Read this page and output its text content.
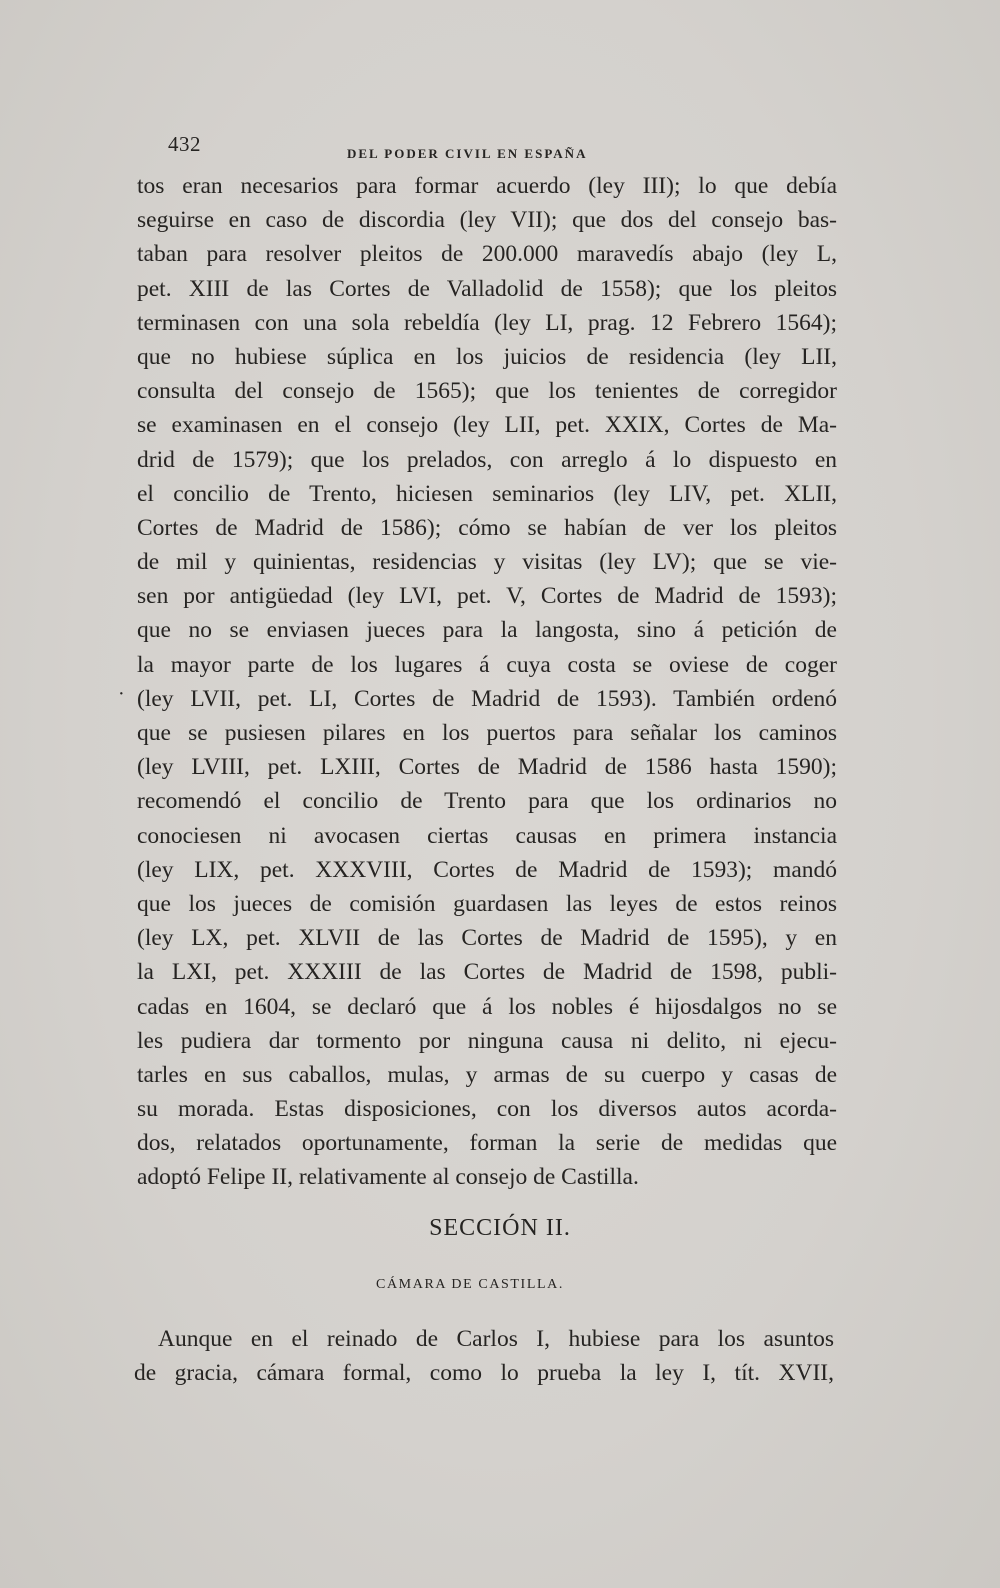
432	DEL PODER CIVIL EN ESPAÑA
·
tos eran necesarios para formar acuerdo (ley III); lo que debía
seguirse en caso de discordia (ley VII); que dos del consejo bas-
taban para resolver pleitos de 200.000 maravedís abajo (ley L,
pet. XIII de las Cortes de Valladolid de 1558); que los pleitos
terminasen con una sola rebeldía (ley LI, prag. 12 Febrero 1564);
que no hubiese súplica en los juicios de residencia (ley LII,
consulta del consejo de 1565); que los tenientes de corregidor
se examinasen en el consejo (ley LII, pet. XXIX, Cortes de Ma-
drid de 1579); que los prelados, con arreglo á lo dispuesto en
el concilio de Trento, hiciesen seminarios (ley LIV, pet. XLII,
Cortes de Madrid de 1586); cómo se habían de ver los pleitos
de mil y quinientas, residencias y visitas (ley LV); que se vie-
sen por antigüedad (ley LVI, pet. V, Cortes de Madrid de 1593);
que no se enviasen jueces para la langosta, sino á petición de
la mayor parte de los lugares á cuya costa se oviese de coger
(ley LVII, pet. LI, Cortes de Madrid de 1593). También ordenó
que se pusiesen pilares en los puertos para señalar los caminos
(ley LVIII, pet. LXIII, Cortes de Madrid de 1586 hasta 1590);
recomendó el concilio de Trento para que los ordinarios no
conociesen ni avocasen ciertas causas en primera instancia
(ley LIX, pet. XXXVIII, Cortes de Madrid de 1593); mandó
que los jueces de comisión guardasen las leyes de estos reinos
(ley LX, pet. XLVII de las Cortes de Madrid de 1595), y en
la LXI, pet. XXXIII de las Cortes de Madrid de 1598, publi-
cadas en 1604, se declaró que á los nobles é hijosdalgos no se
les pudiera dar tormento por ninguna causa ni delito, ni ejecu-
tarles en sus caballos, mulas, y armas de su cuerpo y casas de
su morada. Estas disposiciones, con los diversos autos acorda-
dos, relatados oportunamente, forman la serie de medidas que
adoptó Felipe II, relativamente al consejo de Castilla.
SECCIÓN II.
CÁMARA DE CASTILLA.
Aunque en el reinado de Carlos I, hubiese para los asuntos
de gracia, cámara formal, como lo prueba la ley I, tít. XVII,
